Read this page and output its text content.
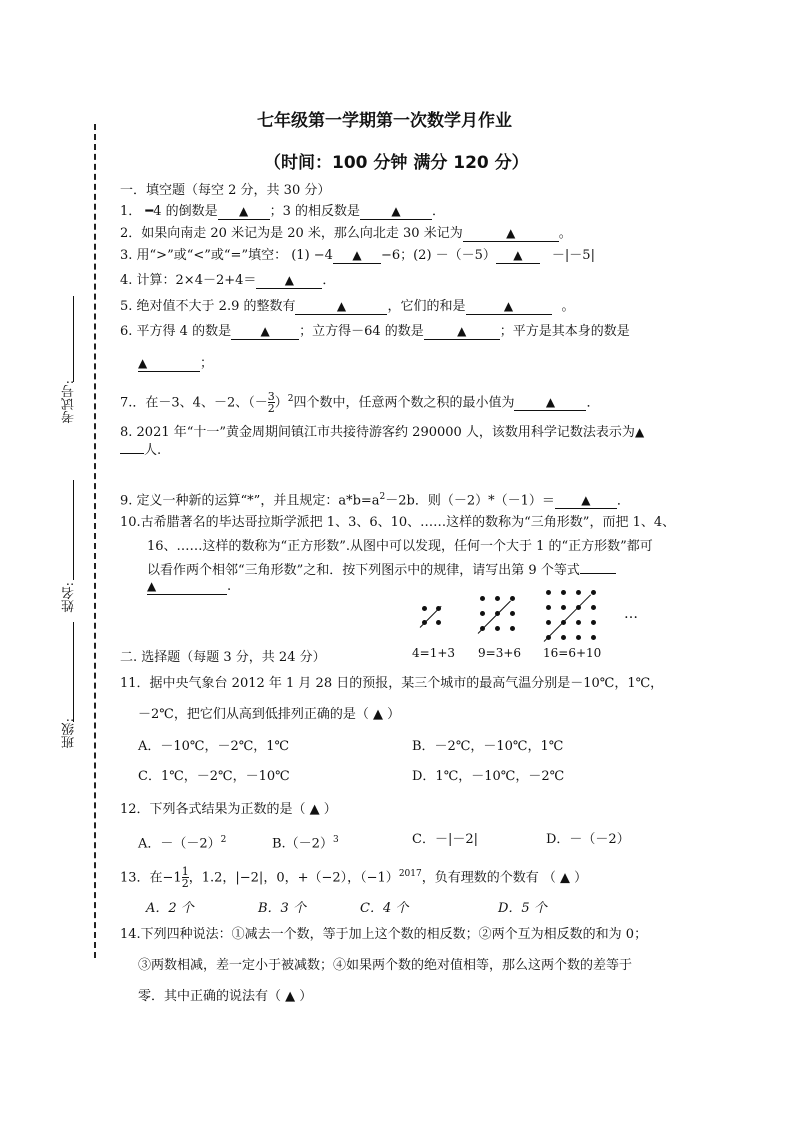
考试号:
姓名:
班级:
七年级第一学期第一次数学月作业
（时间：100 分钟 满分 120 分）
一．填空题（每空 2 分，共 30 分）
1． ━4 的倒数是 ▲ ；3 的相反数是	▲ ．
2．如果向南走 20 米记为是 20 米，那么向北走 30 米记为	▲	。
3. 用“>”或“<”或“=”填空： (1) −4 ▲ −6；(2) －（－5） ▲ －|－5|
4. 计算：2×4－2+4＝ ▲ ．
5. 绝对值不大于 2.9 的整数有	▲	，它们的和是	▲	。
6. 平方得 4 的数是 ▲ ；立方得－64 的数是	▲	；平方是其本身的数是
▲	；
7.．在－3、4、－2、（－ $\frac{3}{2} )^2$四个数中，任意两个数之积的最小值为	▲ ．
8. 2021 年“十一”黄金周期间镇江市共接待游客约 290000 人，该数用科学记数法表示为▲
人.
9. 定义一种新的运算“*”，并且规定：$a*b=a^2-2b$．则（－2）*（－1）＝ ▲ ．
10.古希腊著名的毕达哥拉斯学派把 1、3、6、10、……这样的数称为“三角形数”，而把 1、4、
16、……这样的数称为“正方形数”.从图中可以发现，任何一个大于 1 的“正方形数”都可
以看作两个相邻“三角形数”之和．按下列图示中的规律，请写出第 9 个等式
▲	.
…
4=1+3 9=3+6 16=6+10
二. 选择题（每题 3 分，共 24 分）
11．据中央气象台 2012 年 1 月 28 日的预报，某三个城市的最高气温分别是－10℃，1℃，
－2℃，把它们从高到低排列正确的是（ ▲ ）
A．－10℃，－2℃，1℃	B．－2℃，－10℃，1℃
C．1℃，－2℃，－10℃	D．1℃，－10℃，－2℃
12．下列各式结果为正数的是（ ▲ ）
A．$-(-2)^2$	$B.(-2)^3$	C．－|－2|	D．－（－2）
13．在$-1 \frac{1}{2}$ ，1.2，|−2|，0，+（−2），$(-1)^{2017}$，负有理数的个数有 （ ▲ ）
A．2 个	B．3 个	C．4 个	D．5 个
14.下列四种说法：①减去一个数，等于加上这个数的相反数；②两个互为相反数的和为 0；
③两数相减，差一定小于被减数；④如果两个数的绝对值相等，那么这两个数的差等于
零．其中正确的说法有（ ▲ ）
